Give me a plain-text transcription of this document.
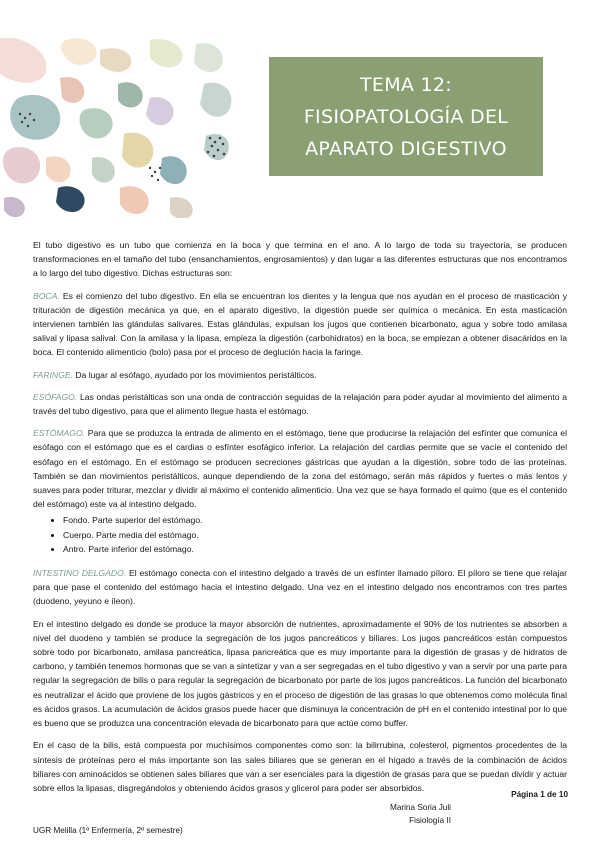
TEMA 12:
FISIOPATOLOGÍA DEL
APARATO DIGESTIVO

El tubo digestivo es un tubo que comienza en la boca y que termina en el ano. A lo largo de toda su trayectoria, se producen transformaciones en el tamaño del tubo (ensanchamientos, engrosamientos) y dan lugar a las diferentes estructuras que nos encontramos a lo largo del tubo digestivo. Dichas estructuras son:

BOCA. Es el comienzo del tubo digestivo. En ella se encuentran los dientes y la lengua que nos ayudan en el proceso de masticación y trituración de digestión mecánica ya que, en el aparato digestivo, la digestión puede ser química o mecánica. En esta masticación intervienen también las glándulas salivares. Estas glándulas, expulsan los jugos que contienen bicarbonato, agua y sobre todo amilasa salival y lipasa salival. Con la amilasa y la lipasa, empieza la digestión (carbohidratos) en la boca, se empiezan a obtener disacáridos en la boca. El contenido alimenticio (bolo) pasa por el proceso de deglución hacia la faringe.

FARINGE. Da lugar al esófago, ayudado por los movimientos peristálticos.

ESÓFAGO. Las ondas peristálticas son una onda de contracción seguidas de la relajación para poder ayudar al movimiento del alimento a través del tubo digestivo, para que el alimento llegue hasta el estómago.

ESTÓMAGO. Para que se produzca la entrada de alimento en el estómago, tiene que producirse la relajación del esfínter que comunica el esófago con el estómago que es el cardias o esfínter esofágico inferior. La relajación del cardias permite que se vacíe el contenido del esófago en el estómago. En el estómago se producen secreciones gástricas que ayudan a la digestión, sobre todo de las proteínas. También se dan movimientos peristálticos, aunque dependiendo de la zona del estómago, serán más rápidos y fuertes o más lentos y suaves para poder triturar, mezclar y dividir al máximo el contenido alimenticio. Una vez que se haya formado el quimo (que es el contenido del estómago) este va al intestino delgado.

• Fondo. Parte superior del estómago.
• Cuerpo. Parte media del estómago.
• Antro. Parte inferior del estómago.

INTESTINO DELGADO. El estómago conecta con el intestino delgado a través de un esfínter llamado píloro. El píloro se tiene que relajar para que pase el contenido del estómago hacia el intestino delgado. Una vez en el intestino delgado nos encontramos con tres partes (duodeno, yeyuno e íleon).

En el intestino delgado es donde se produce la mayor absorción de nutrientes, aproximadamente el 90% de los nutrientes se absorben a nivel del duodeno y también se produce la segregación de los jugos pancreáticos y biliares. Los jugos pancreáticos están compuestos sobre todo por bicarbonato, amilasa pancreática, lipasa pancreática que es muy importante para la digestión de grasas y de hidratos de carbono, y también tenemos hormonas que se van a sintetizar y van a ser segregadas en el tubo digestivo y van a servir por una parte para regular la segregación de bilis o para regular la segregación de bicarbonato por parte de los jugos pancreáticos. La función del bicarbonato es neutralizar el ácido que proviene de los jugos gástricos y en el proceso de digestión de las grasas lo que obtenemos como molécula final es ácidos grasos. La acumulación de ácidos grasos puede hacer que disminuya la concentración de pH en el contenido intestinal por lo que es bueno que se produzca una concentración elevada de bicarbonato para que actúe como buffer.

En el caso de la bilis, está compuesta por muchísimos componentes como son: la bilirrubina, colesterol, pigmentos procedentes de la síntesis de proteínas pero el más importante son las sales biliares que se generan en el hígado a través de la combinación de ácidos biliares con aminoácidos se obtienen sales biliares que van a ser esenciales para la digestión de grasas para que se puedan dividir y actuar sobre ellos la lipasas, disgregándolos y obteniendo ácidos grasos y glicerol para poder ser absorbidos.

Página 1 de 10
Marina Soria Juli
Fisiología II
UGR Melilla (1º Enfermería, 2º semestre)
